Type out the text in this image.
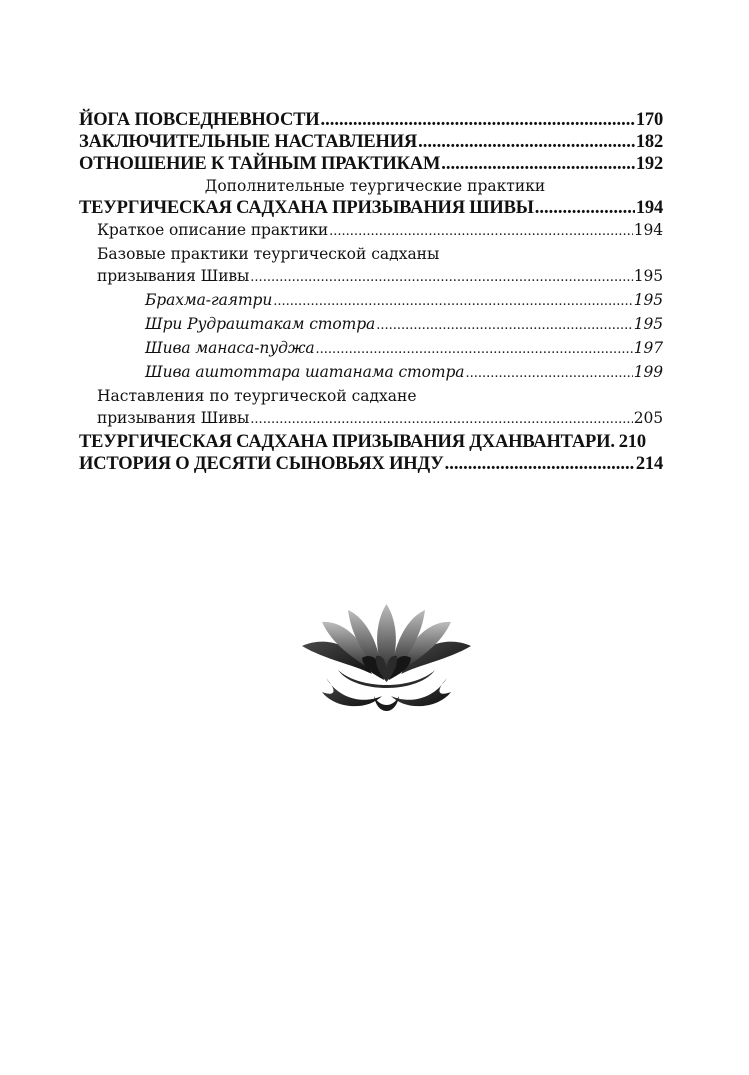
ЙОГА ПОВСЕДНЕВНОСТИ .....	170
ЗАКЛЮЧИТЕЛЬНЫЕ НАСТАВЛЕНИЯ .....	182
ОТНОШЕНИЕ К ТАЙНЫМ ПРАКТИКАМ .....	192
Дополнительные теургические практики
ТЕУРГИЧЕСКАЯ САДХАНА ПРИЗЫВАНИЯ ШИВЫ .....	194
Краткое описание практики .....	194
Базовые практики теургической садханы
призывания Шивы .....	195
Брахма-гаятри .....	195
Шри Рудраштакам стотра .....	195
Шива манаса-пуджа .....	197
Шива аштоттара шатанама стотра .....	199
Наставления по теургической садхане
призывания Шивы .....	205
ТЕУРГИЧЕСКАЯ САДХАНА ПРИЗЫВАНИЯ ДХАНВАНТАРИ. 210
ИСТОРИЯ О ДЕСЯТИ СЫНОВЬЯХ ИНДУ .....	214
